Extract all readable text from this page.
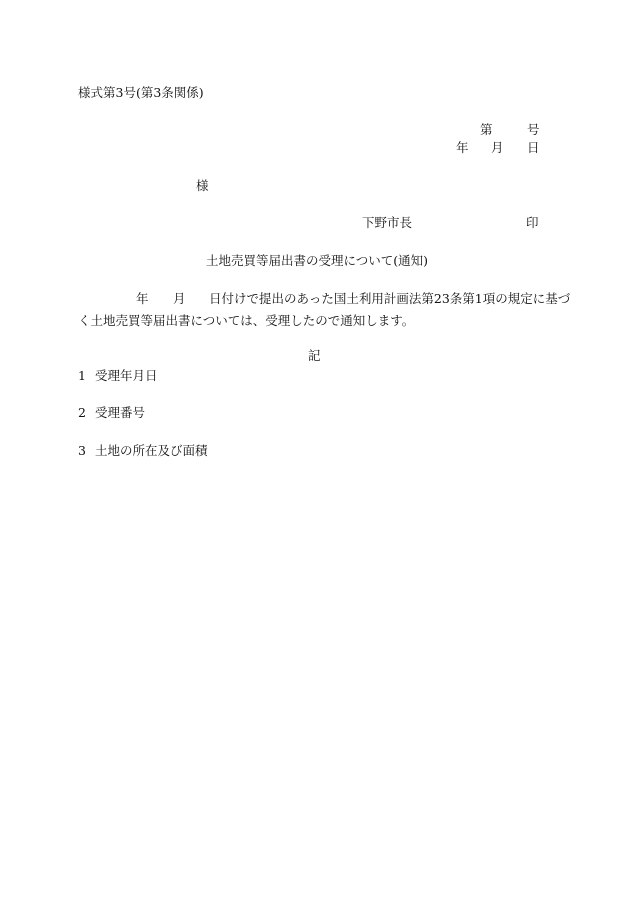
様式第3号(第3条関係)
第	号
年 月 日
様
下野市長	印
土地売買等届出書の受理について(通知)
年 月 日付けで提出のあった国土利用計画法第23条第1項の規定に基づ
く土地売買等届出書については、受理したので通知します。
記
1 受理年月日
2 受理番号
3 土地の所在及び面積
